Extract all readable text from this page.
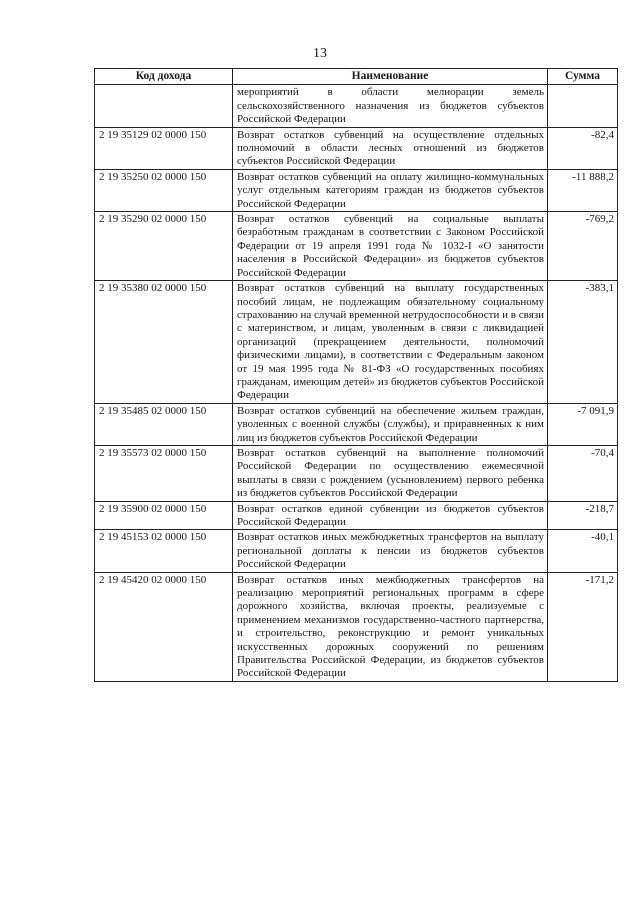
13
Код дохода	Наименование	Сумма
	мероприятий в области мелиорации земель сельскохозяйственного назначения из бюджетов субъектов Российской Федерации	
2 19 35129 02 0000 150	Возврат остатков субвенций на осуществление отдельных полномочий в области лесных отношений из бюджетов субъектов Российской Федерации	-82,4
2 19 35250 02 0000 150	Возврат остатков субвенций на оплату жилищно-коммунальных услуг отдельным категориям граждан из бюджетов субъектов Российской Федерации	-11 888,2
2 19 35290 02 0000 150	Возврат остатков субвенций на социальные выплаты безработным гражданам в соответствии с Законом Российской Федерации от 19 апреля 1991 года № 1032-I «О занятости населения в Российской Федерации» из бюджетов субъектов Российской Федерации	-769,2
2 19 35380 02 0000 150	Возврат остатков субвенций на выплату государственных пособий лицам, не подлежащим обязательному социальному страхованию на случай временной нетрудоспособности и в связи с материнством, и лицам, уволенным в связи с ликвидацией организаций (прекращением деятельности, полномочий физическими лицами), в соответствии с Федеральным законом от 19 мая 1995 года № 81-ФЗ «О государственных пособиях гражданам, имеющим детей» из бюджетов субъектов Российской Федерации	-383,1
2 19 35485 02 0000 150	Возврат остатков субвенций на обеспечение жильем граждан, уволенных с военной службы (службы), и приравненных к ним лиц из бюджетов субъектов Российской Федерации	-7 091,9
2 19 35573 02 0000 150	Возврат остатков субвенций на выполнение полномочий Российской Федерации по осуществлению ежемесячной выплаты в связи с рождением (усыновлением) первого ребенка из бюджетов субъектов Российской Федерации	-70,4
2 19 35900 02 0000 150	Возврат остатков единой субвенции из бюджетов субъектов Российской Федерации	-218,7
2 19 45153 02 0000 150	Возврат остатков иных межбюджетных трансфертов на выплату региональной доплаты к пенсии из бюджетов субъектов Российской Федерации	-40,1
2 19 45420 02 0000 150	Возврат остатков иных межбюджетных трансфертов на реализацию мероприятий региональных программ в сфере дорожного хозяйства, включая проекты, реализуемые с применением механизмов государственно-частного партнерства, и строительство, реконструкцию и ремонт уникальных искусственных дорожных сооружений по решениям Правительства Российской Федерации, из бюджетов субъектов Российской Федерации	-171,2
